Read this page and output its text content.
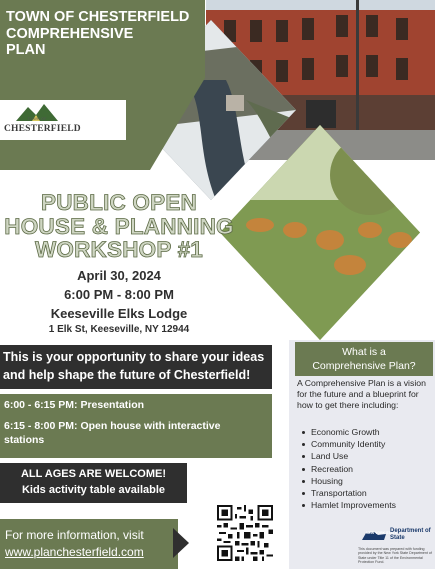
TOWN OF CHESTERFIELD
COMPREHENSIVE
PLAN
TOWN OF
CHESTERFIELD
PUBLIC OPEN
HOUSE & PLANNING
WORKSHOP #1
April 30, 2024
6:00 PM - 8:00 PM
Keeseville Elks Lodge
1 Elk St, Keeseville, NY 12944
This is your opportunity to share your ideas
and help shape the future of Chesterfield!
6:00 - 6:15 PM: Presentation
6:15 - 8:00 PM: Open house with interactive stations
ALL AGES ARE WELCOME!
Kids activity table available
For more information, visit
www.planchesterfield.com
What is a
Comprehensive Plan?
A Comprehensive Plan is a vision for the future and a blueprint for how to get there including:
Economic Growth
Community Identity
Land Use
Recreation
Housing
Transportation
Hamlet Improvements
NEW YORK STATE
Department of State
This document was prepared with funding provided by the New York State Department of State under Title 11 of the Environmental Protection Fund.
